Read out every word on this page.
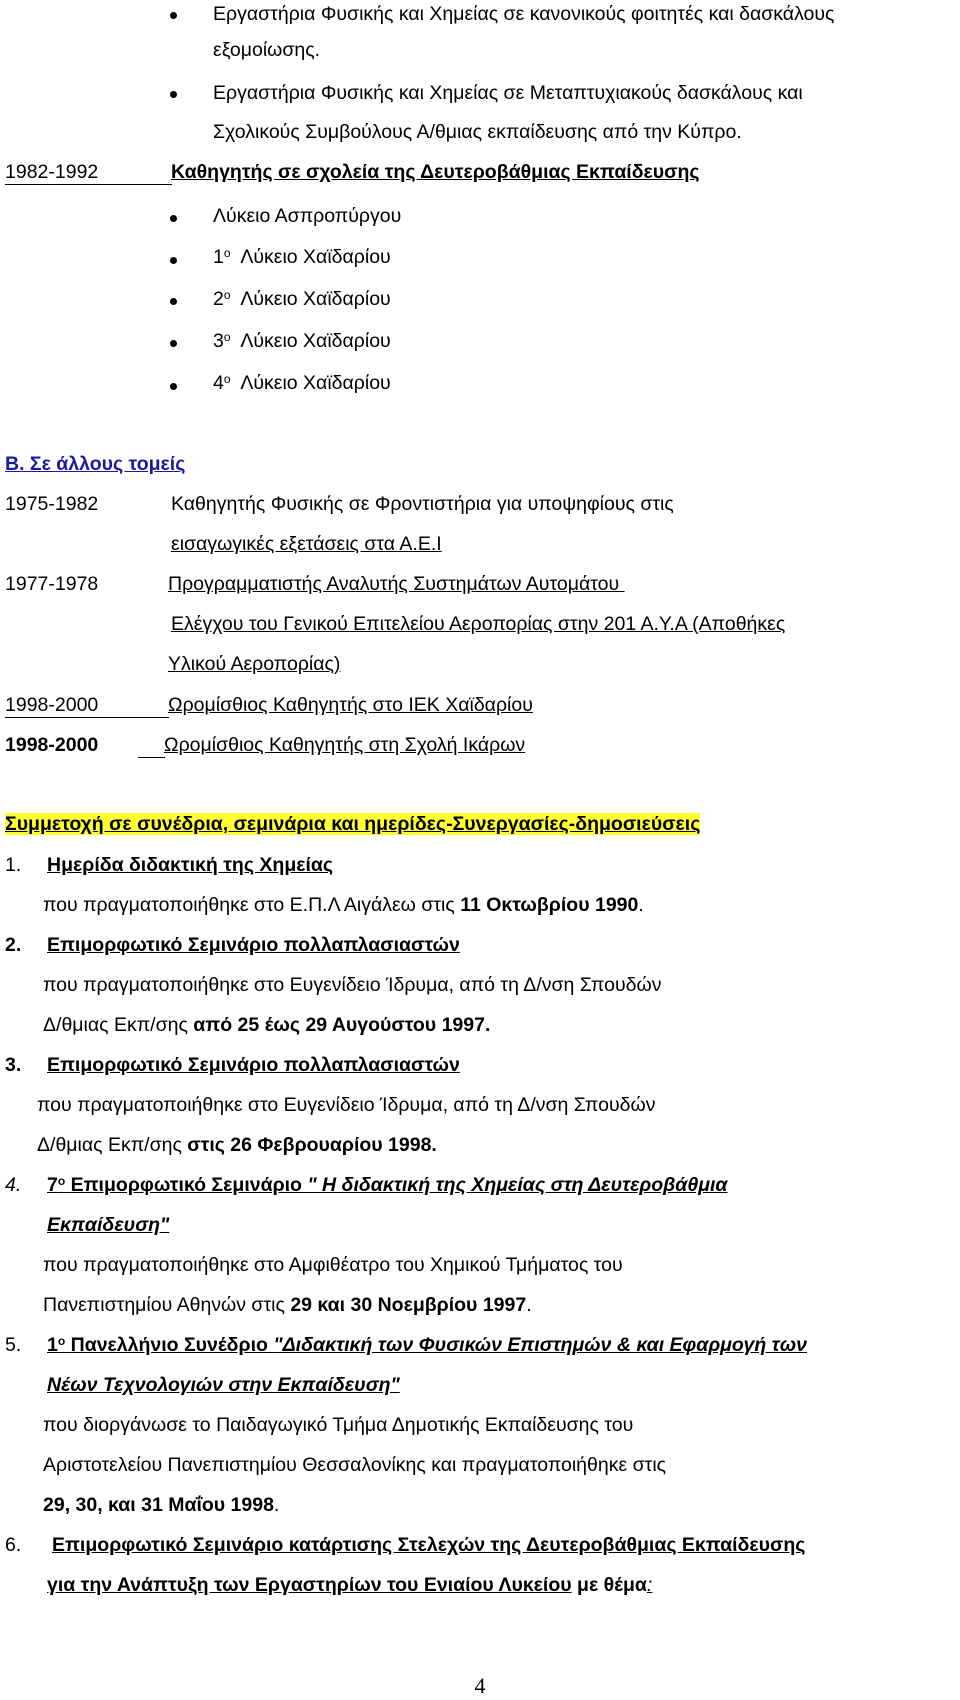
Εργαστήρια Φυσικής και Χημείας σε κανονικούς φοιτητές και δασκάλους
εξομοίωσης.
Εργαστήρια Φυσικής και Χημείας σε Μεταπτυχιακούς δασκάλους και
Σχολικούς Συμβούλους Α/θμιας εκπαίδευσης από την Κύπρο.
1982-1992	Καθηγητής σε σχολεία της Δευτεροβάθμιας Εκπαίδευσης
Λύκειο Ασπροπύργου
$1^o$ Λύκειο Χαϊδαρίου
$2^o$ Λύκειο Χαϊδαρίου
$3^o$ Λύκειο Χαϊδαρίου
$4^o$ Λύκειο Χαϊδαρίου
Β. Σε άλλους τομείς
1975-1982	Καθηγητής Φυσικής σε Φροντιστήρια για υποψηφίους στις
εισαγωγικές εξετάσεις στα Α.Ε.Ι
1977-1978	Προγραμματιστής Αναλυτής Συστημάτων Αυτομάτου
Ελέγχου του Γενικού Επιτελείου Αεροπορίας στην 201 Α.Υ.Α (Αποθήκες
Υλικού Αεροπορίας)
1998-2000	Ωρομίσθιος Καθηγητής στο ΙΕΚ Χαϊδαρίου
1998-2000	Ωρομίσθιος Καθηγητής στη Σχολή Ικάρων
Συμμετοχή σε συνέδρια, σεμινάρια και ημερίδες-Συνεργασίες-δημοσιεύσεις
1. Ημερίδα διδακτική της Χημείας
που πραγματοποιήθηκε στο Ε.Π.Λ Αιγάλεω στις 11 Οκτωβρίου 1990.
2. Επιμορφωτικό Σεμινάριο πολλαπλασιαστών
που πραγματοποιήθηκε στο Ευγενίδειο Ίδρυμα, από τη Δ/νση Σπουδών
Δ/θμιας Εκπ/σης από 25 έως 29 Αυγούστου 1997.
3. Επιμορφωτικό Σεμινάριο πολλαπλασιαστών
που πραγματοποιήθηκε στο Ευγενίδειο Ίδρυμα, από τη Δ/νση Σπουδών
Δ/θμιας Εκπ/σης στις 26 Φεβρουαρίου 1998.
4. $7^o$ Επιμορφωτικό Σεμινάριο " Η διδακτική της Χημείας στη Δευτεροβάθμια
Εκπαίδευση"
που πραγματοποιήθηκε στο Αμφιθέατρο του Χημικού Τμήματος του
Πανεπιστημίου Αθηνών στις 29 και 30 Νοεμβρίου 1997.
5. $1^o$ Πανελλήνιο Συνέδριο "Διδακτική των Φυσικών Επιστημών & και Εφαρμογή των
Νέων Τεχνολογιών στην Εκπαίδευση"
που διοργάνωσε το Παιδαγωγικό Τμήμα Δημοτικής Εκπαίδευσης του
Αριστοτελείου Πανεπιστημίου Θεσσαλονίκης και πραγματοποιήθηκε στις
29, 30, και 31 Μαΐου 1998.
6. Επιμορφωτικό Σεμινάριο κατάρτισης Στελεχών της Δευτεροβάθμιας Εκπαίδευσης
για την Ανάπτυξη των Εργαστηρίων του Ενιαίου Λυκείου με θέμα:
4
